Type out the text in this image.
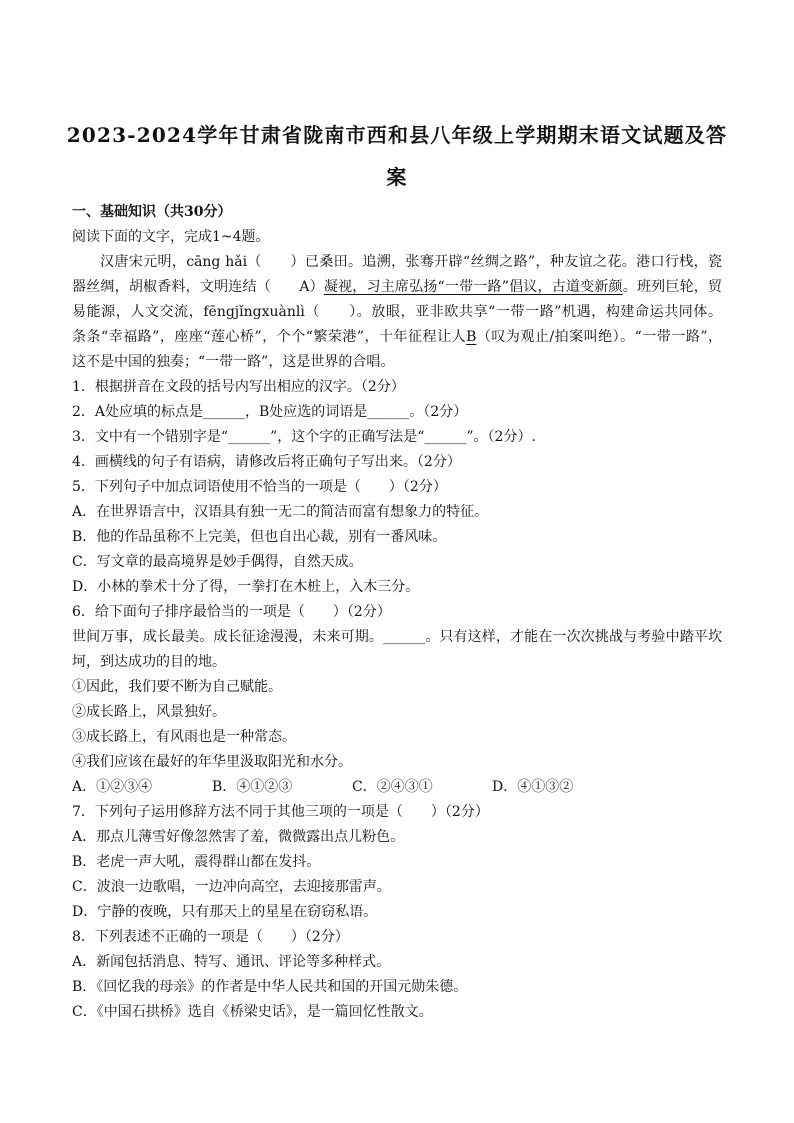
2023-2024学年甘肃省陇南市西和县八年级上学期期末语文试题及答
案
一、基础知识（共30分）
阅读下面的文字，完成1~4题。
汉唐宋元明，cāng hǎi（　　）已桑田。追溯，张骞开辟“丝绸之路”，种友谊之花。港口行栈，瓷
器丝绸，胡椒香料，文明连结（　　A）凝视，习主席弘扬“一带一路”倡议，古道变新颜。班列巨轮，贸
易能源，人文交流，fēngjǐngxuànlì（　　）。放眼，亚非欧共享“一带一路”机遇，构建命运共同体。
条条“幸福路”，座座“莲心桥”，个个“繁荣港”，十年征程让人B（叹为观止/拍案叫绝）。“一带一路”，
这不是中国的独奏；“一带一路”，这是世界的合唱。
1．根据拼音在文段的括号内写出相应的汉字。（2分）
2．A处应填的标点是______，B处应选的词语是______。（2分）
3．文中有一个错别字是“______”，这个字的正确写法是“______”。（2分）.
4．画横线的句子有语病，请修改后将正确句子写出来。（2分）
5．下列句子中加点词语使用不恰当的一项是（　　）（2分）
A．在世界语言中，汉语具有独一无二的简洁而富有想象力的特征。
B．他的作品虽称不上完美，但也自出心裁，别有一番风味。
C．写文章的最高境界是妙手偶得，自然天成。
D．小林的拳术十分了得，一拳打在木桩上，入木三分。
6．给下面句子排序最恰当的一项是（　　）（2分）
世间万事，成长最美。成长征途漫漫，未来可期。______。只有这样，才能在一次次挑战与考验中踏平坎
坷，到达成功的目的地。
①因此，我们要不断为自己赋能。
②成长路上，风景独好。
③成长路上，有风雨也是一种常态。
④我们应该在最好的年华里汲取阳光和水分。
A．①②③④	B．④①②③	C．②④③①	D．④①③②
7．下列句子运用修辞方法不同于其他三项的一项是（　　）（2分）
A．那点儿薄雪好像忽然害了羞，微微露出点儿粉色。
B．老虎一声大吼，震得群山都在发抖。
C．波浪一边歌唱，一边冲向高空，去迎接那雷声。
D．宁静的夜晚，只有那天上的星星在窃窃私语。
8．下列表述不正确的一项是（　　）（2分）
A．新闻包括消息、特写、通讯、评论等多种样式。
B．《回忆我的母亲》的作者是中华人民共和国的开国元勋朱德。
C．《中国石拱桥》选自《桥梁史话》，是一篇回忆性散文。
